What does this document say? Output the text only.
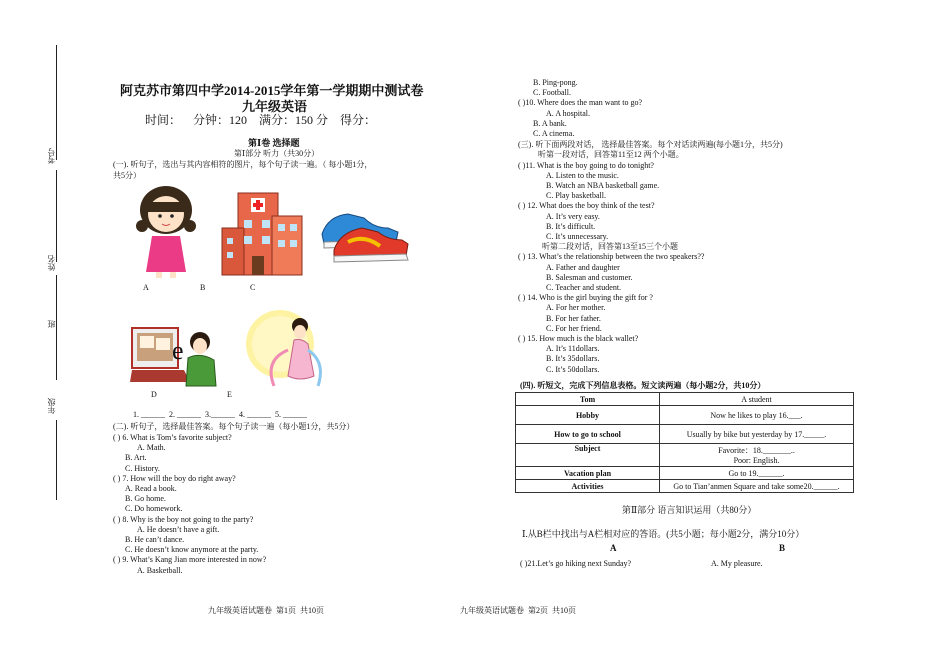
考号
姓名
班
年级
阿克苏市第四中学2014-2015学年第一学期期中测试卷
九年级英语
时间：    分钟：120    满分：150 分    得分：
第Ⅰ卷 选择题
第Ⅰ部分 听力（共30分）
(一). 听句子，选出与其内容相符的图片，每个句子读一遍。（ 每小题1分，
共5分）
A	B	C
e
D	E
1. ______  2. ______  3.______  4. ______  5. ______
(二). 听句子，选择最佳答案。每个句子读一遍（每小题1分，共5分）
( ) 6. What is Tom’s favorite subject?
A. Math.
B. Art.
C. History.
( ) 7. How will the boy do right away?
A. Read a book.
B. Go home.
C. Do homework.
( ) 8. Why is the boy not going to the party?
A. He doesn’t have a gift.
B. He can’t dance.
C. He doesn’t know anymore at the party.
( ) 9. What’s Kang Jian more interested in now?
A. Basketball.
B. Ping-pong.
C. Football.
( )10. Where does the man want to go?
A. A hospital.
B. A bank.
C. A cinema.
(三). 听下面两段对话， 选择最佳答案。每个对话读两遍(每小题1分，共5分)
听第一段对话，回答第11至12 两个小题。
( )11. What is the boy going to do tonight?
A. Listen to the music.
B. Watch an NBA basketball game.
C. Play basketball.
( ) 12. What does the boy think of the test?
A. It’s very easy.
B. It’s difficult.
C. It’s unnecessary.
听第二段对话，回答第13至15三个小题
( ) 13. What’s the relationship between the two speakers??
A. Father and daughter
B. Salesman and customer.
C. Teacher and student.
( ) 14. Who is the girl buying the gift for ?
A. For her mother.
B. For her father.
C. For her friend.
( ) 15. How much is the black wallet?
A. It’s 11dollars.
B. It’s 35dollars.
C. It’s 50dollars.
(四). 听短文，完成下列信息表格。短文读两遍（每小题2分，共10分）
Tom	A student
Hobby	Now he likes to play 16.___.
How to go to school	Usually by bike but yesterday by 17._____.
Subject	Favorite：18._______..
Poor: English.

Vacation plan	Go to 19.______.
Activities	Go to Tian’anmen Square and take some20.______.
第Ⅱ部分 语言知识运用（共80分）
Ⅰ.从B栏中找出与A栏相对应的答语。(共5小题；每小题2分，满分10分）
A	B
( )21.Let’s go hiking next Sunday?	A. My pleasure.
九年级英语试题卷  第1页  共10页	九年级英语试题卷  第2页  共10页
